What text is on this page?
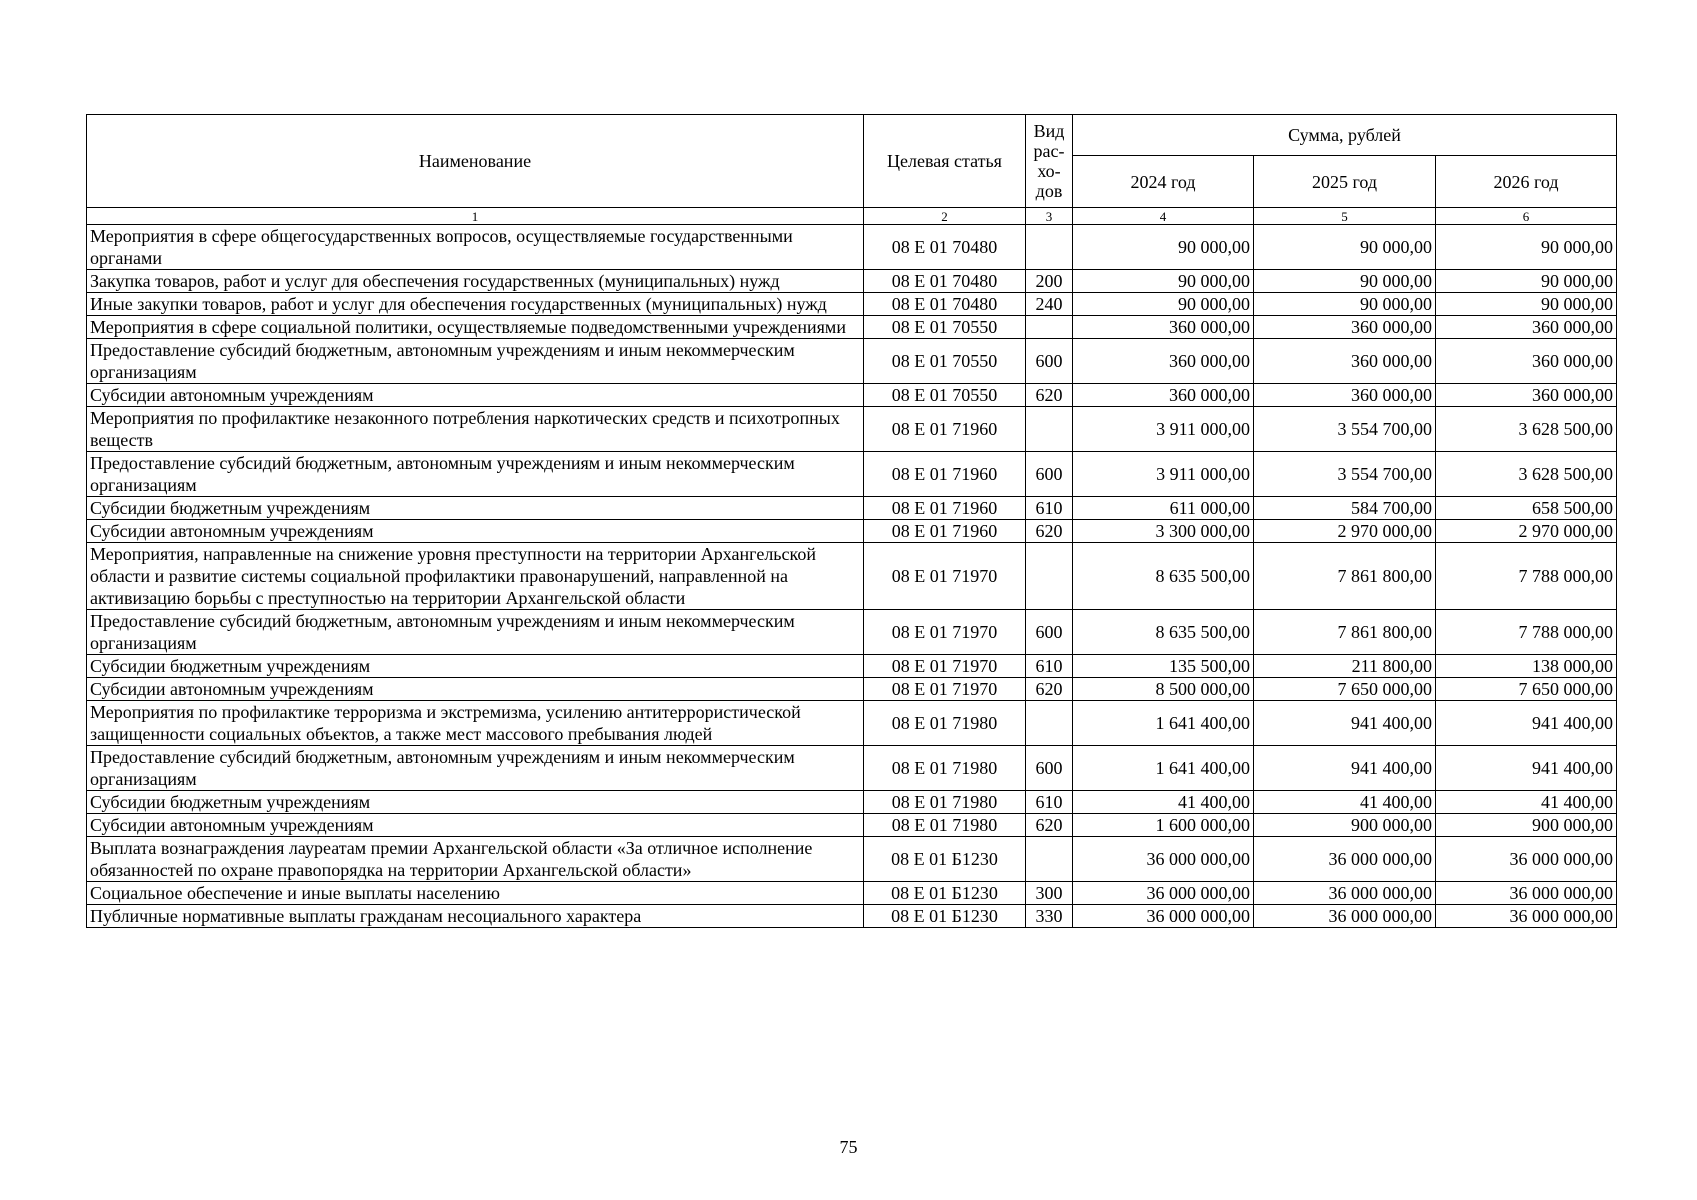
Наименование	Целевая статья	Вид рас-хо-дов	Сумма, рублей		
			2024 год	2025 год	2026 год
1	2	3	4	5	6
Мероприятия в сфере общегосударственных вопросов, осуществляемые государственными органами	08 Е 01 70480		90 000,00	90 000,00	90 000,00
Закупка товаров, работ и услуг для обеспечения государственных (муниципальных) нужд	08 Е 01 70480	200	90 000,00	90 000,00	90 000,00
Иные закупки товаров, работ и услуг для обеспечения государственных (муниципальных) нужд	08 Е 01 70480	240	90 000,00	90 000,00	90 000,00
Мероприятия в сфере социальной политики, осуществляемые подведомственными учреждениями	08 Е 01 70550		360 000,00	360 000,00	360 000,00
Предоставление субсидий бюджетным, автономным учреждениям и иным некоммерческим организациям	08 Е 01 70550	600	360 000,00	360 000,00	360 000,00
Субсидии автономным учреждениям	08 Е 01 70550	620	360 000,00	360 000,00	360 000,00
Мероприятия по профилактике незаконного потребления наркотических средств и психотропных веществ	08 Е 01 71960		3 911 000,00	3 554 700,00	3 628 500,00
Предоставление субсидий бюджетным, автономным учреждениям и иным некоммерческим организациям	08 Е 01 71960	600	3 911 000,00	3 554 700,00	3 628 500,00
Субсидии бюджетным учреждениям	08 Е 01 71960	610	611 000,00	584 700,00	658 500,00
Субсидии автономным учреждениям	08 Е 01 71960	620	3 300 000,00	2 970 000,00	2 970 000,00
Мероприятия, направленные на снижение уровня преступности на территории Архангельской области и развитие системы социальной профилактики правонарушений, направленной на активизацию борьбы с преступностью на территории Архангельской области	08 Е 01 71970		8 635 500,00	7 861 800,00	7 788 000,00
Предоставление субсидий бюджетным, автономным учреждениям и иным некоммерческим организациям	08 Е 01 71970	600	8 635 500,00	7 861 800,00	7 788 000,00
Субсидии бюджетным учреждениям	08 Е 01 71970	610	135 500,00	211 800,00	138 000,00
Субсидии автономным учреждениям	08 Е 01 71970	620	8 500 000,00	7 650 000,00	7 650 000,00
Мероприятия по профилактике терроризма и экстремизма, усилению антитеррористической защищенности социальных объектов, а также мест массового пребывания людей	08 Е 01 71980		1 641 400,00	941 400,00	941 400,00
Предоставление субсидий бюджетным, автономным учреждениям и иным некоммерческим организациям	08 Е 01 71980	600	1 641 400,00	941 400,00	941 400,00
Субсидии бюджетным учреждениям	08 Е 01 71980	610	41 400,00	41 400,00	41 400,00
Субсидии автономным учреждениям	08 Е 01 71980	620	1 600 000,00	900 000,00	900 000,00
Выплата вознаграждения лауреатам премии Архангельской области «За отличное исполнение обязанностей по охране правопорядка на территории Архангельской области»	08 Е 01 Б1230		36 000 000,00	36 000 000,00	36 000 000,00
Социальное обеспечение и иные выплаты населению	08 Е 01 Б1230	300	36 000 000,00	36 000 000,00	36 000 000,00
Публичные нормативные выплаты гражданам несоциального характера	08 Е 01 Б1230	330	36 000 000,00	36 000 000,00	36 000 000,00
75
